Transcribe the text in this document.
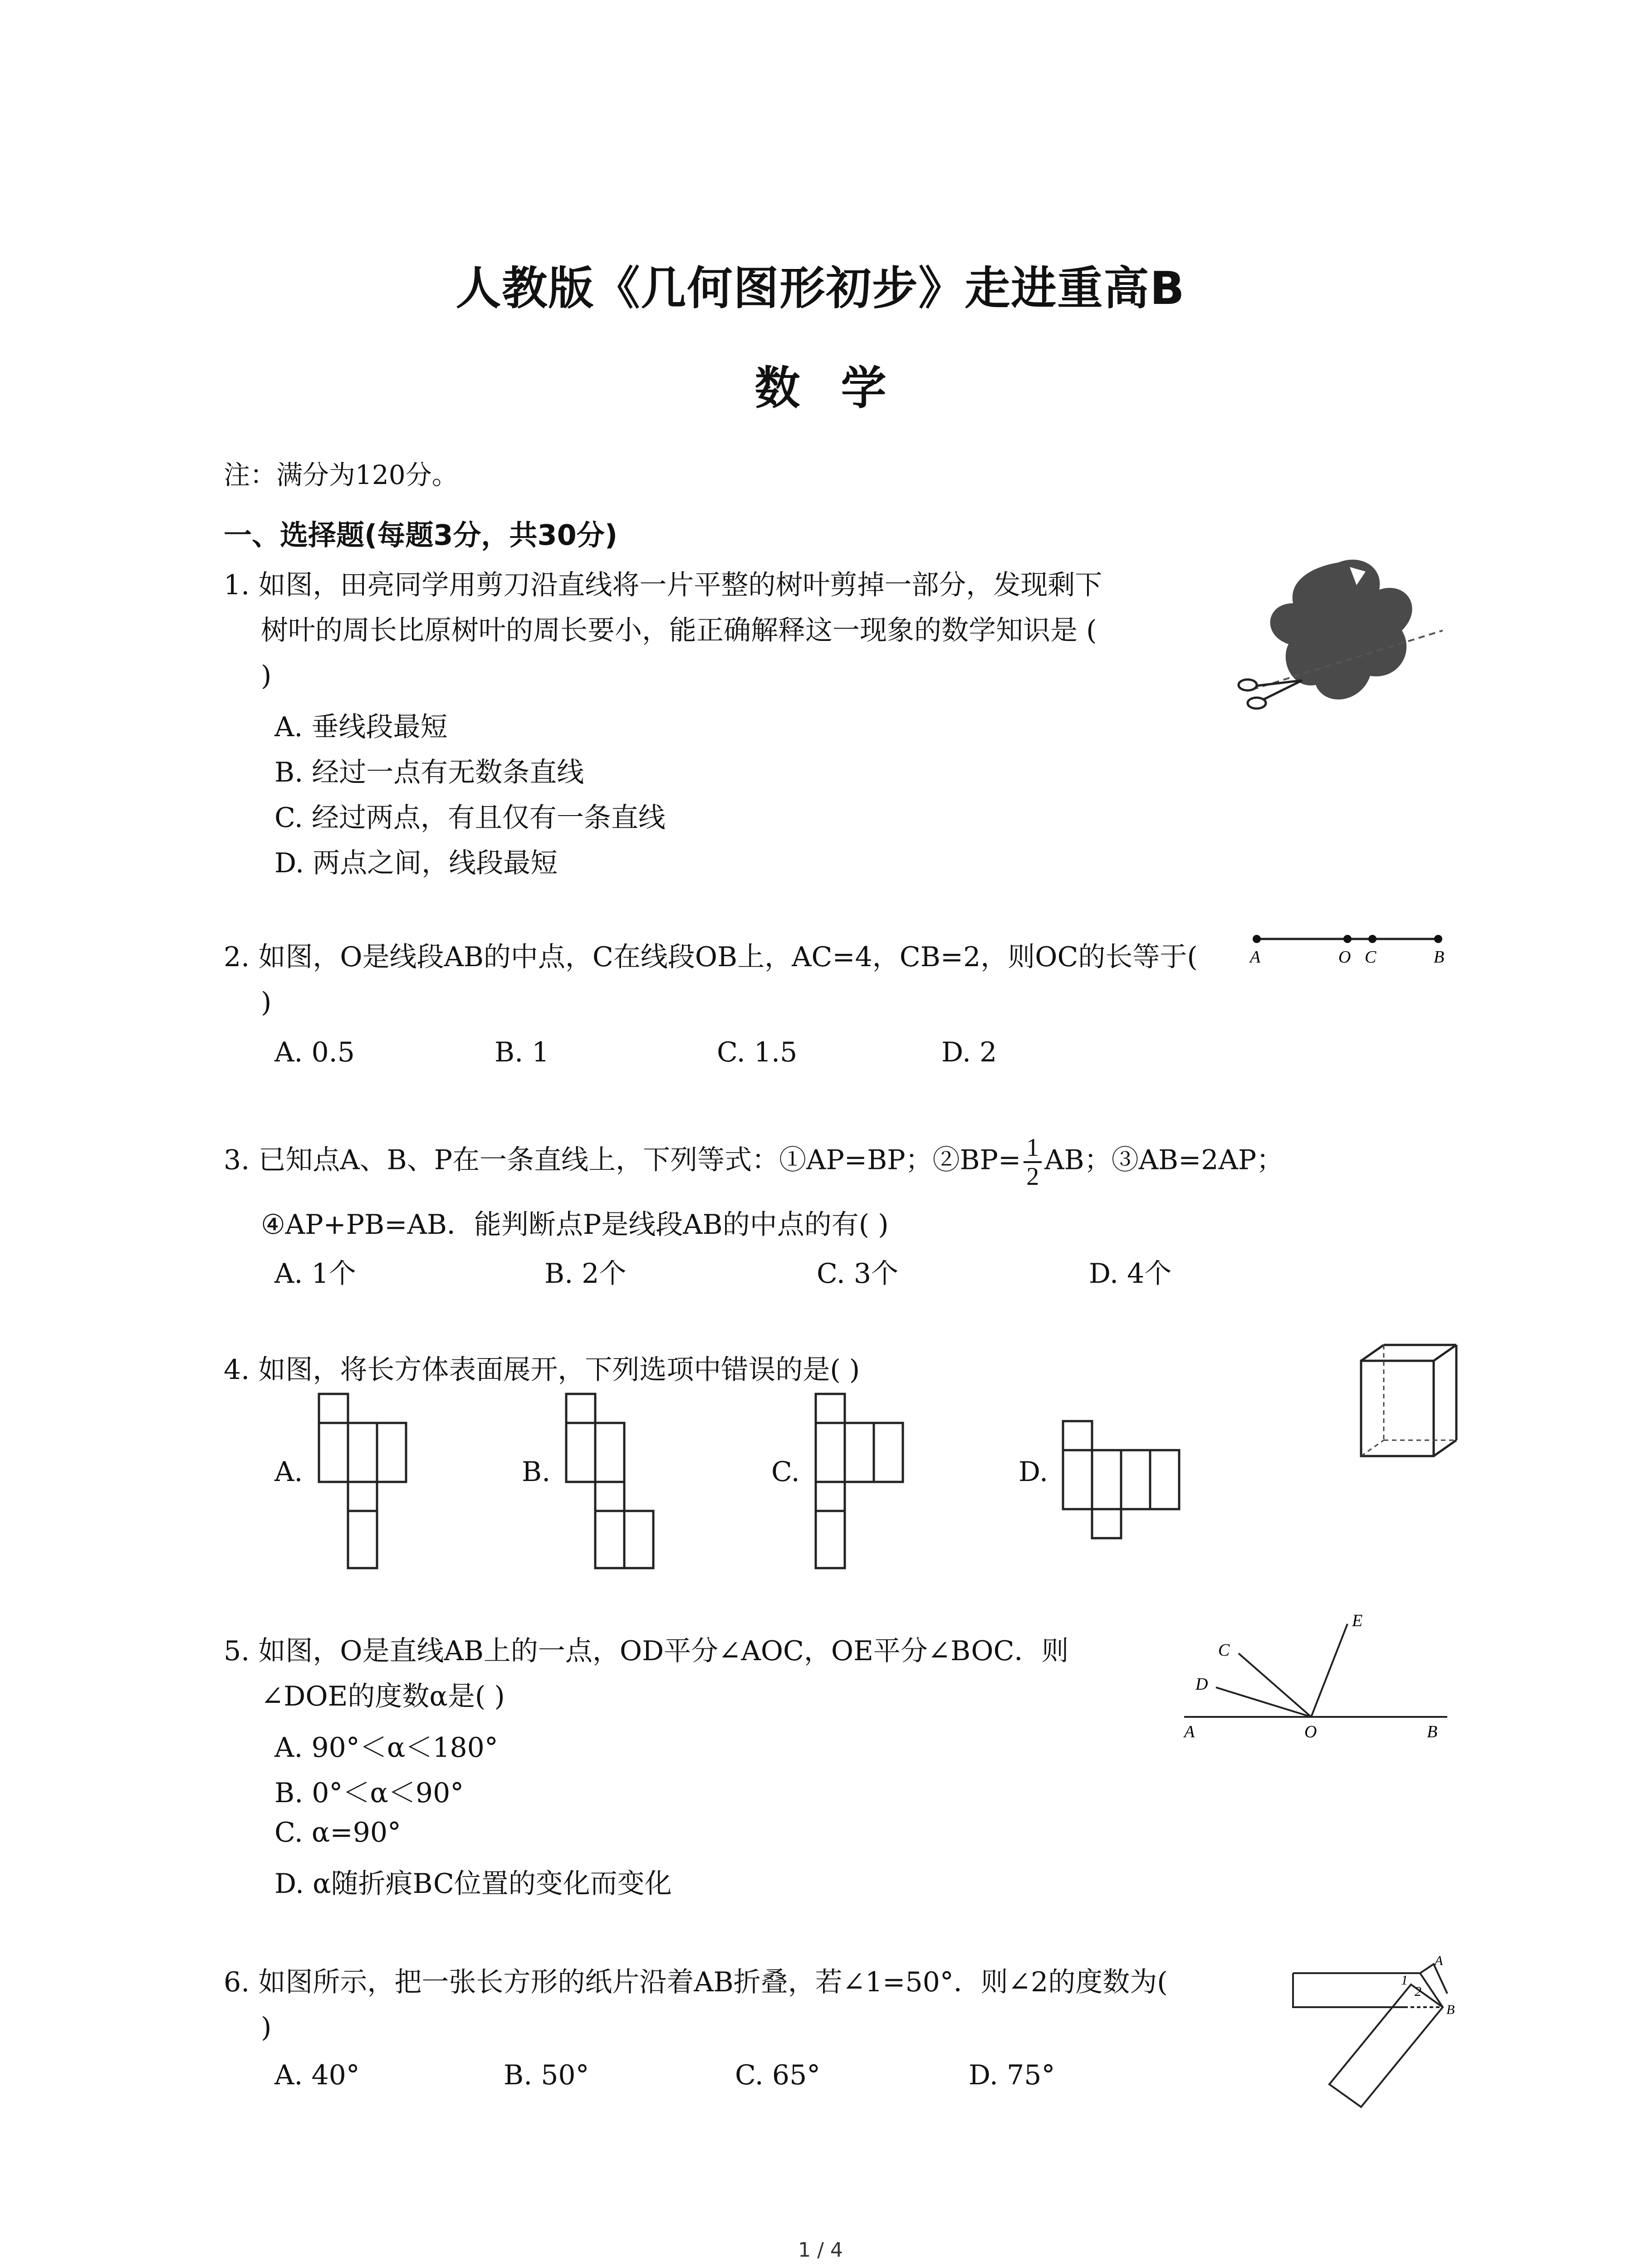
人教版《几何图形初步》走进重高B
数学
注：满分为120分。
一、选择题(每题3分，共30分)
1. 如图，田亮同学用剪刀沿直线将一片平整的树叶剪掉一部分，发现剩下
树叶的周长比原树叶的周长要小，能正确解释这一现象的数学知识是 (
)
A. 垂线段最短
B. 经过一点有无数条直线
C. 经过两点，有且仅有一条直线
D. 两点之间，线段最短
2. 如图，O是线段AB的中点，C在线段OB上，AC=4，CB=2，则OC的长等于(
)
A. 0.5	B. 1	C. 1.5	D. 2
A	O C	B
3. 已知点A、B、P在一条直线上，下列等式：①AP=BP；②BP= $\frac{1}{2}$ AB；③AB=2AP；
④AP+PB=AB．能判断点P是线段AB的中点的有( )
A. 1个	B. 2个	C. 3个	D. 4个
4. 如图，将长方体表面展开，下列选项中错误的是( )
A.	B.	C.	D.
5. 如图，O是直线AB上的一点，OD平分∠AOC，OE平分∠BOC．则
∠DOE的度数α是( )
A. 90°＜α＜180°
B. 0°＜α＜90°
C. α=90°
D. α随折痕BC位置的变化而变化
C
D
A	O	B
E
6. 如图所示，把一张长方形的纸片沿着AB折叠，若∠1=50°．则∠2的度数为(
)
A. 40°	B. 50°	C. 65°	D. 75°
A
1
2
B
1 / 4
